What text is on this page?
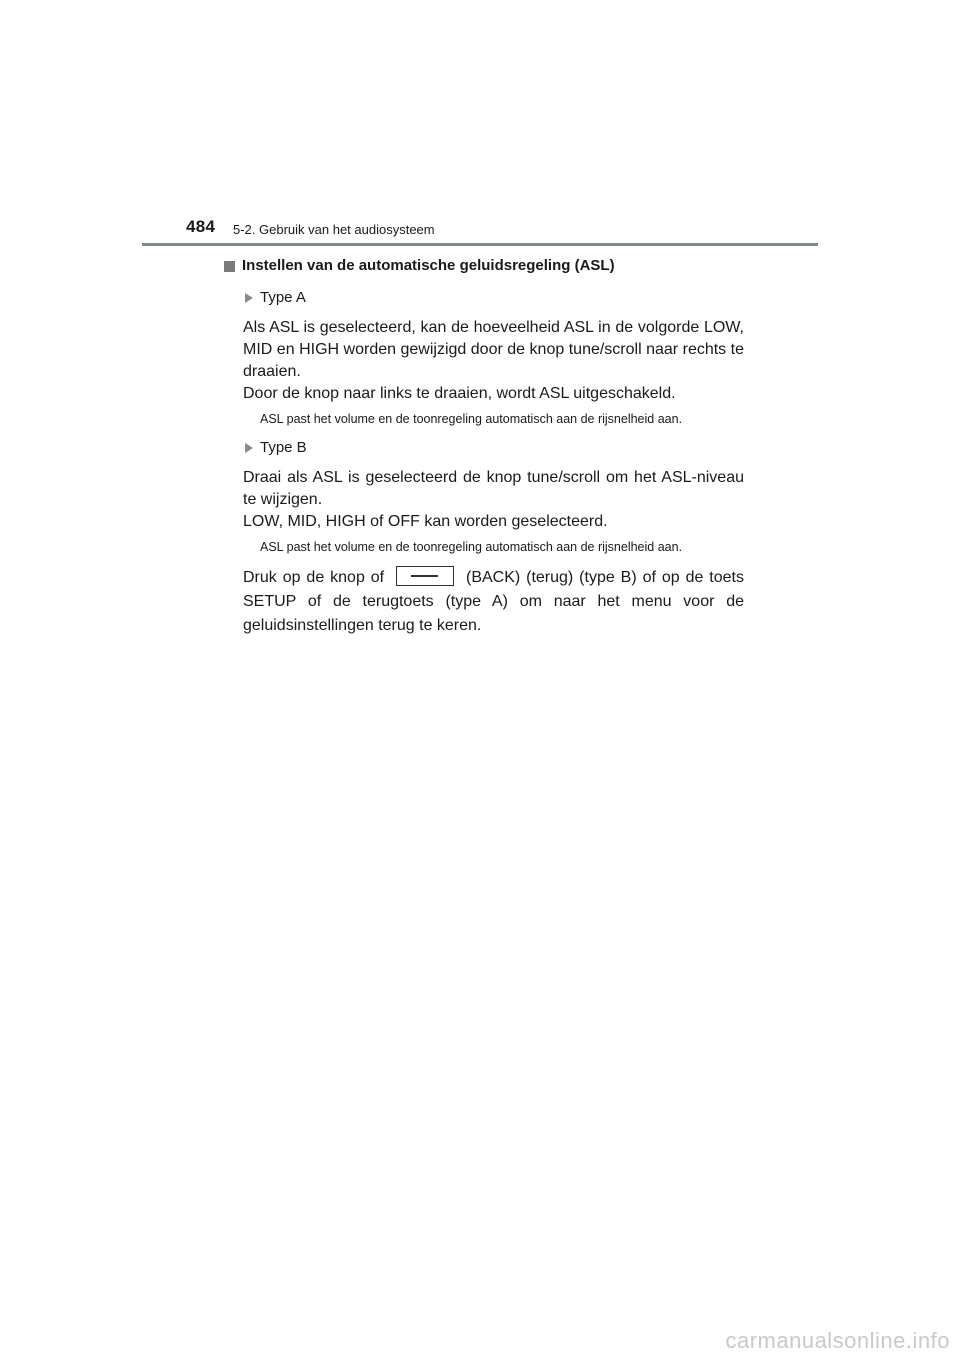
484 5-2. Gebruik van het audiosysteem
Instellen van de automatische geluidsregeling (ASL)
Type A
Als ASL is geselecteerd, kan de hoeveelheid ASL in de volgorde LOW, MID en HIGH worden gewijzigd door de knop tune/scroll naar rechts te draaien.
Door de knop naar links te draaien, wordt ASL uitgeschakeld.
ASL past het volume en de toonregeling automatisch aan de rijsnelheid aan.
Type B
Draai als ASL is geselecteerd de knop tune/scroll om het ASL-niveau te wijzigen.
LOW, MID, HIGH of OFF kan worden geselecteerd.
ASL past het volume en de toonregeling automatisch aan de rijsnelheid aan.
Druk op de knop of	(BACK) (terug) (type B) of op de toets SETUP of de terugtoets (type A) om naar het menu voor de geluidsinstellingen terug te keren.
carmanualsonline.info
